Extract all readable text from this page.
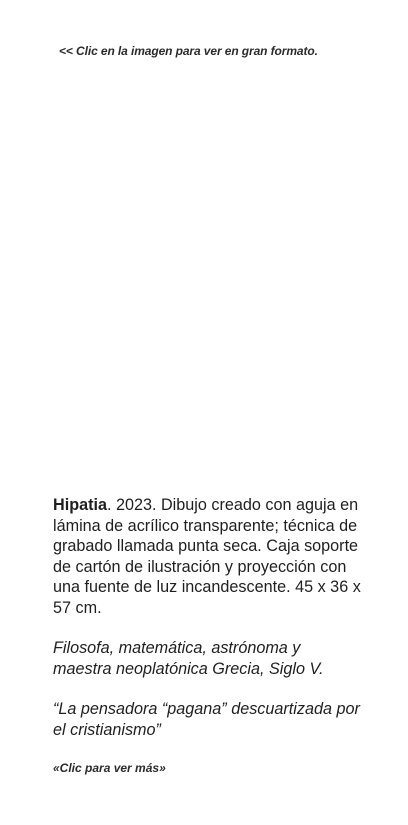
<< Clic en la imagen para ver en gran formato.

Hipatia. 2023. Dibujo creado con aguja en lámina de acrílico transparente; técnica de grabado llamada punta seca. Caja soporte de cartón de ilustración y proyección con una fuente de luz incandescente. 45 x 36 x 57 cm.

Filosofa, matemática, astrónoma y maestra neoplatónica Grecia, Siglo V.

“La pensadora “pagana” descuartizada por el cristianismo”

«Clic para ver más»
